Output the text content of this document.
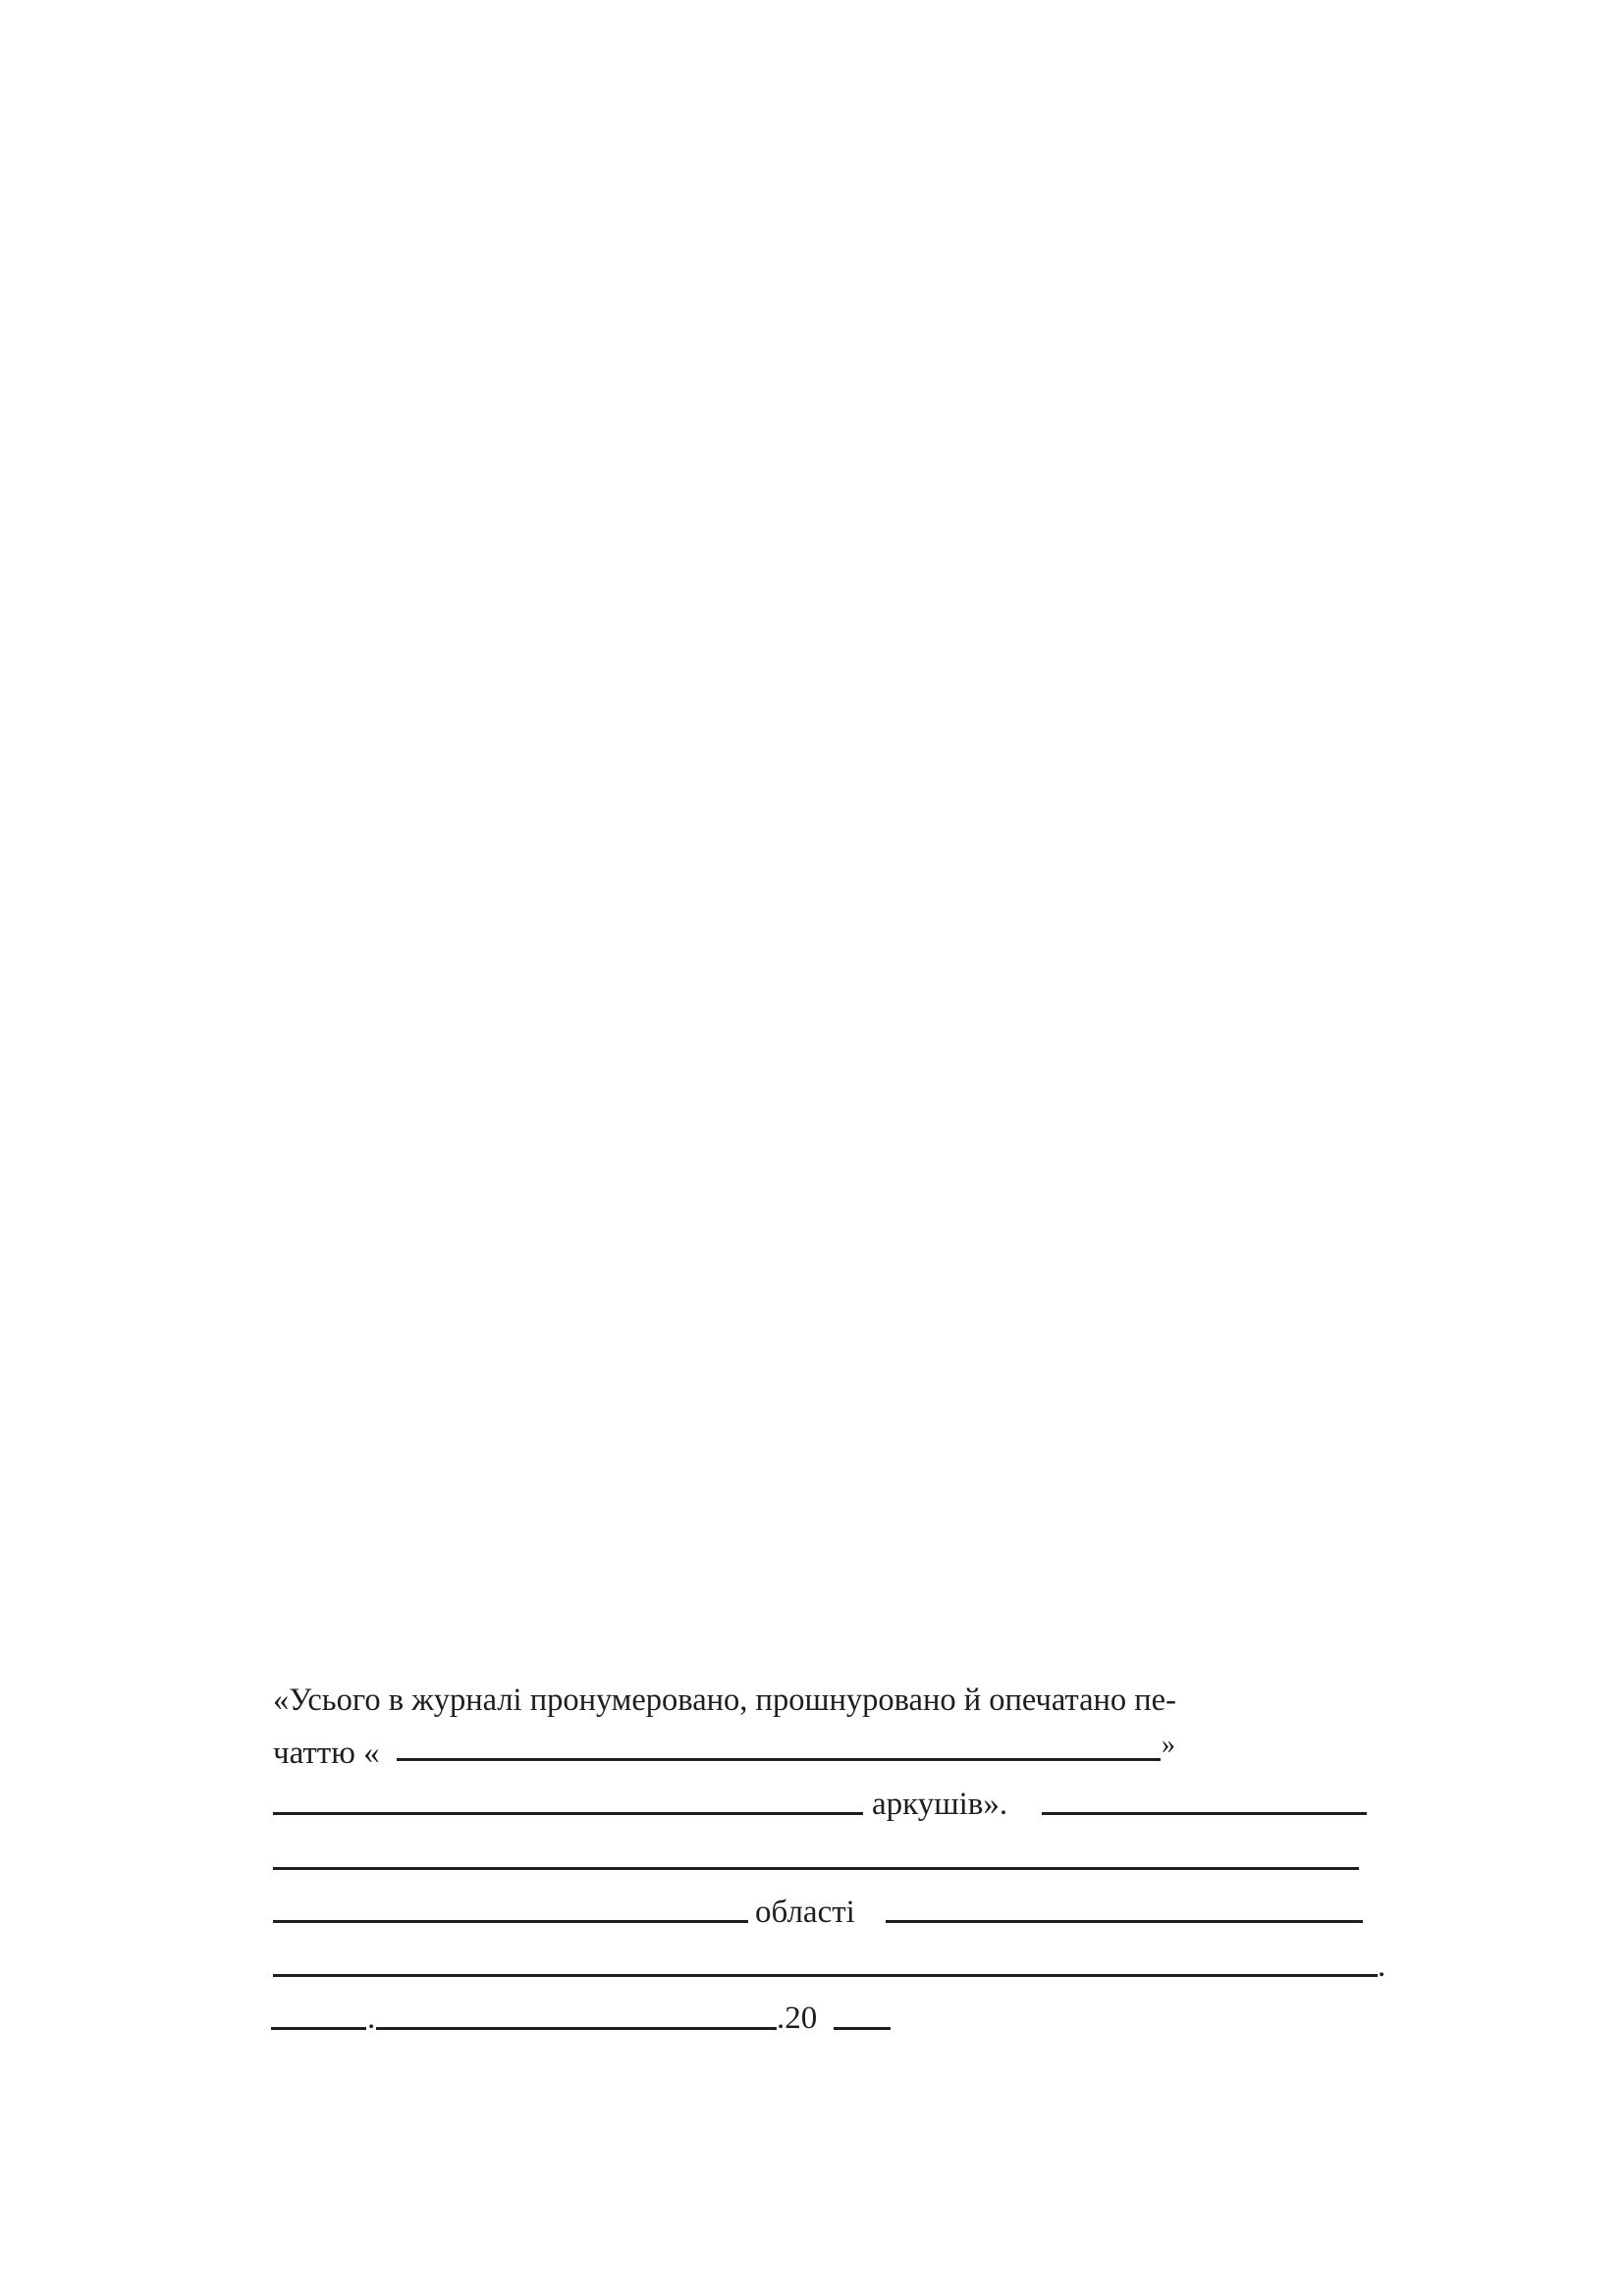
«Усього в журналі пронумеровано, прошнуровано й опечатано пе-
чаттю «	»
аркушів».
області
.
.	.20
